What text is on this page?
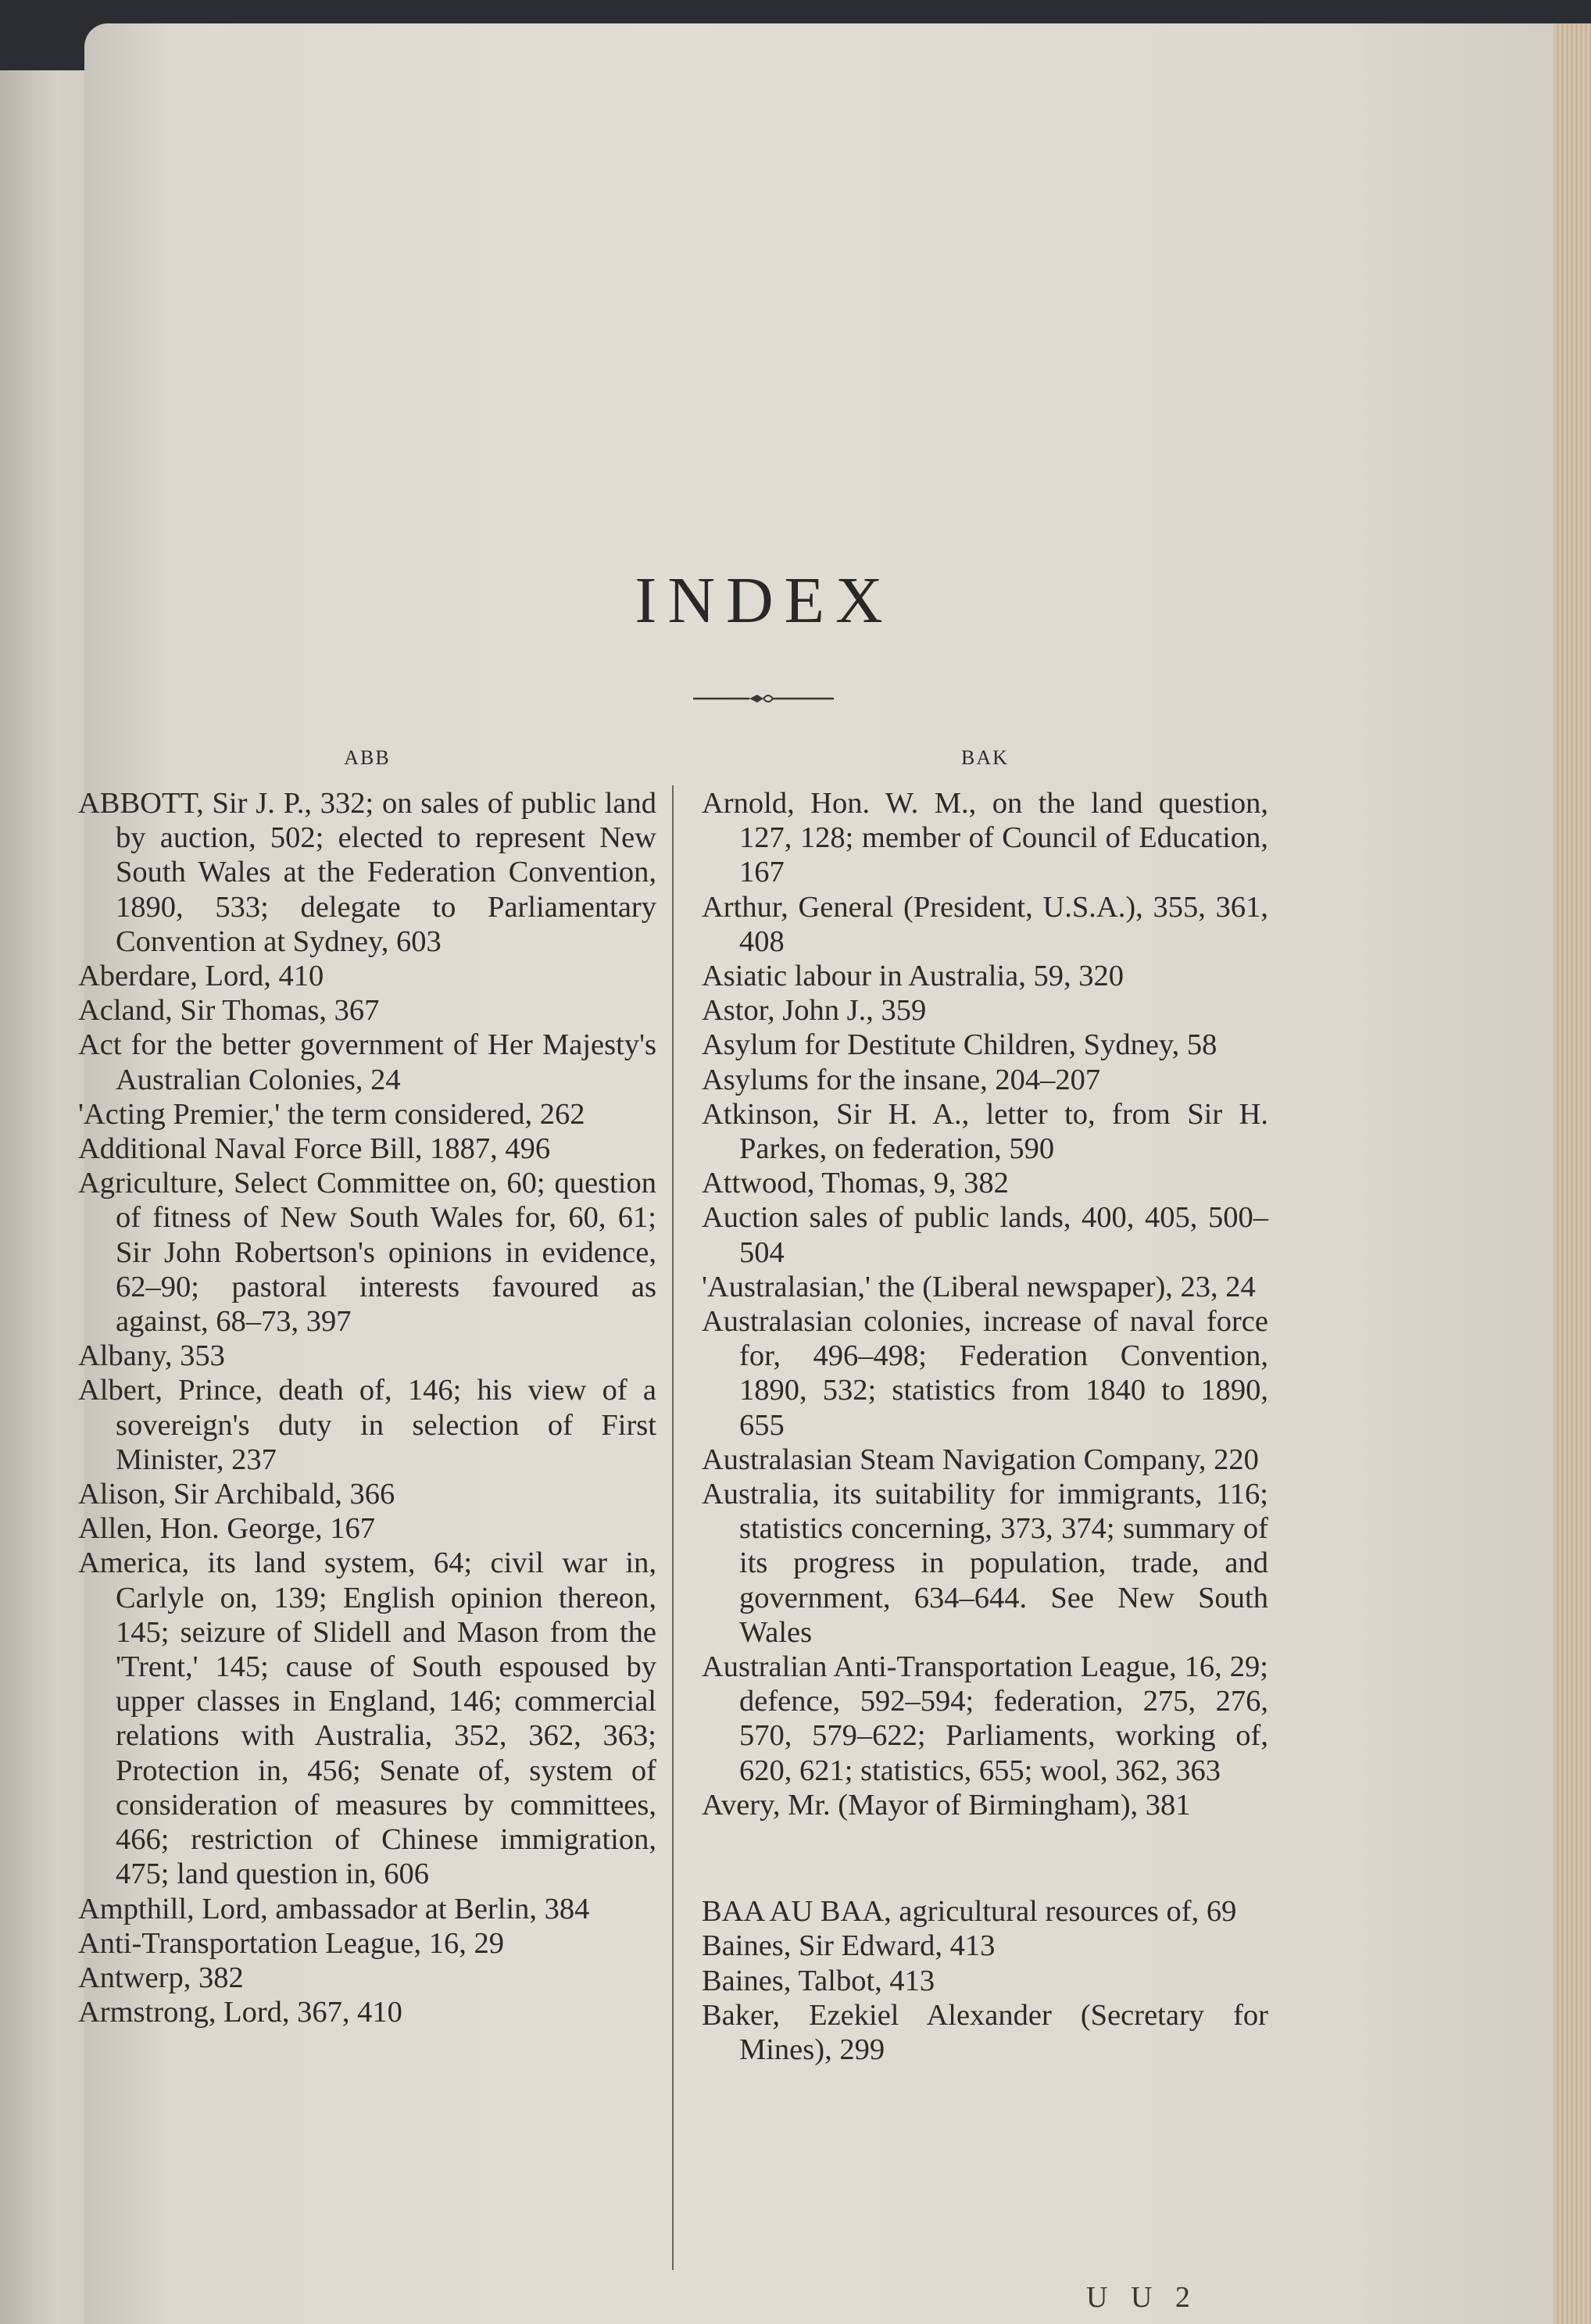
INDEX
ABB

ABBOTT, Sir J. P., 332; on sales of public land by auction, 502; elected to represent New South Wales at the Federation Convention, 1890, 533; delegate to Parliamentary Convention at Sydney, 603

Aberdare, Lord, 410

Acland, Sir Thomas, 367

Act for the better government of Her Majesty's Australian Colonies, 24

'Acting Premier,' the term considered, 262

Additional Naval Force Bill, 1887, 496

Agriculture, Select Committee on, 60; question of fitness of New South Wales for, 60, 61; Sir John Robertson's opinions in evidence, 62–90; pastoral interests favoured as against, 68–73, 397

Albany, 353

Albert, Prince, death of, 146; his view of a sovereign's duty in selection of First Minister, 237

Alison, Sir Archibald, 366

Allen, Hon. George, 167

America, its land system, 64; civil war in, Carlyle on, 139; English opinion thereon, 145; seizure of Slidell and Mason from the 'Trent,' 145; cause of South espoused by upper classes in England, 146; commercial relations with Australia, 352, 362, 363; Protection in, 456; Senate of, system of consideration of measures by committees, 466; restriction of Chinese immigration, 475; land question in, 606

Ampthill, Lord, ambassador at Berlin, 384

Anti-Transportation League, 16, 29

Antwerp, 382

Armstrong, Lord, 367, 410

BAK

Arnold, Hon. W. M., on the land question, 127, 128; member of Council of Education, 167

Arthur, General (President, U.S.A.), 355, 361, 408

Asiatic labour in Australia, 59, 320

Astor, John J., 359

Asylum for Destitute Children, Sydney, 58

Asylums for the insane, 204–207

Atkinson, Sir H. A., letter to, from Sir H. Parkes, on federation, 590

Attwood, Thomas, 9, 382

Auction sales of public lands, 400, 405, 500–504

'Australasian,' the (Liberal newspaper), 23, 24

Australasian colonies, increase of naval force for, 496–498; Federation Convention, 1890, 532; statistics from 1840 to 1890, 655

Australasian Steam Navigation Company, 220

Australia, its suitability for immigrants, 116; statistics concerning, 373, 374; summary of its progress in population, trade, and government, 634–644. See New South Wales

Australian Anti-Transportation League, 16, 29; defence, 592–594; federation, 275, 276, 570, 579–622; Parliaments, working of, 620, 621; statistics, 655; wool, 362, 363

Avery, Mr. (Mayor of Birmingham), 381

BAA AU BAA, agricultural resources of, 69

Baines, Sir Edward, 413

Baines, Talbot, 413

Baker, Ezekiel Alexander (Secretary for Mines), 299

U U 2
